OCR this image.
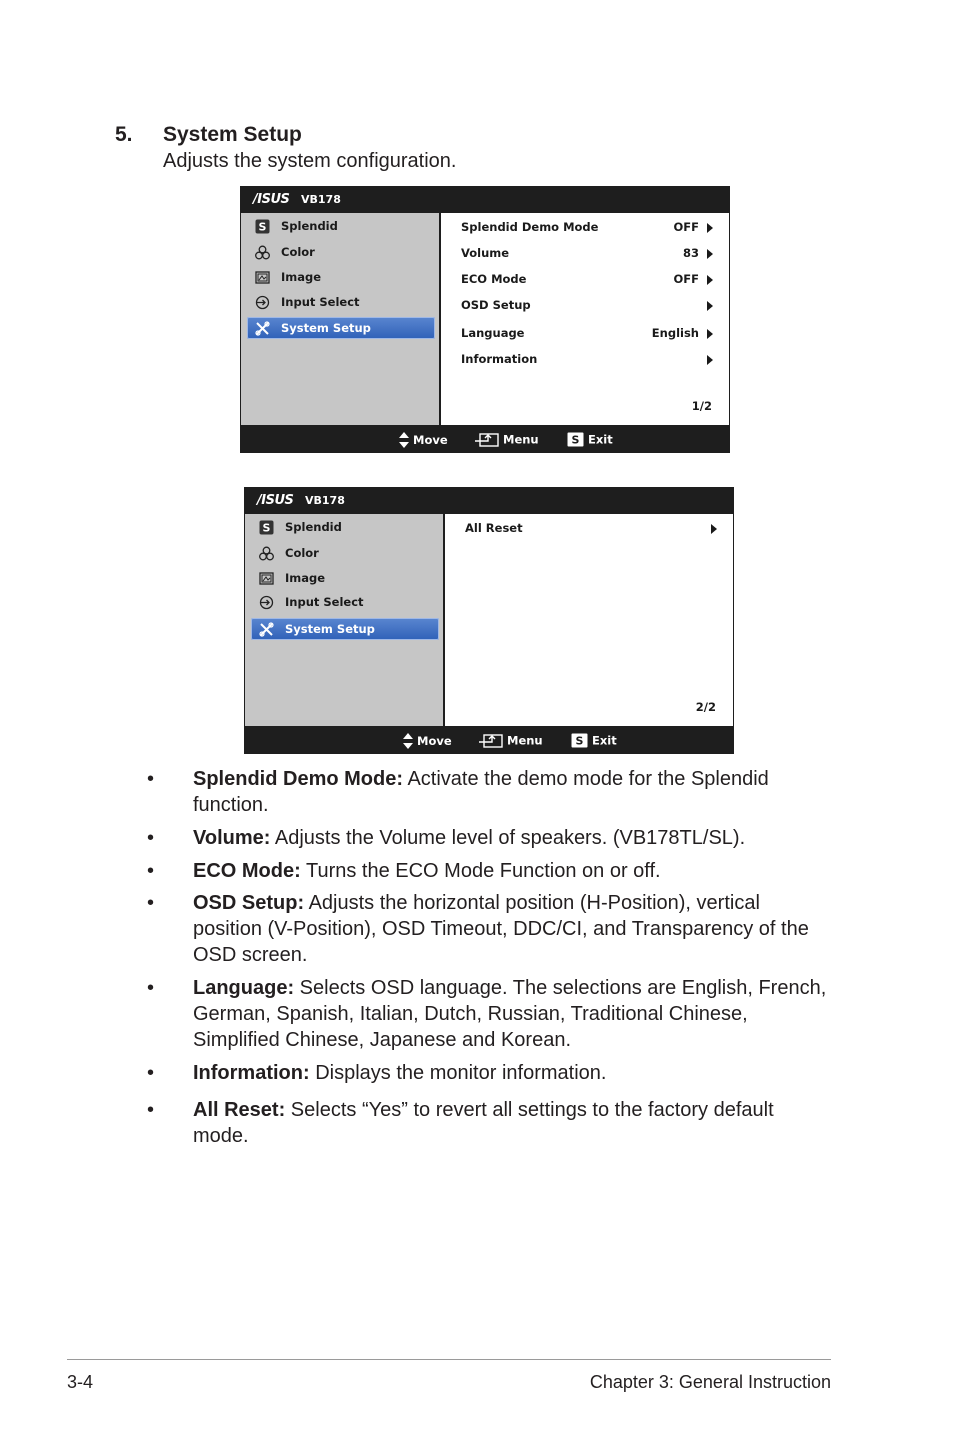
5. System Setup
Adjusts the system configuration.
/ISUS VB178
S Splendid
Color
Image
Input Select
System Setup
Splendid Demo Mode	OFF
Volume	83
ECO Mode	OFF
OSD Setup
Language	English
Information
1/2
Move	Menu	S Exit
/ISUS VB178
S Splendid
Color
Image
Input Select
System Setup
All Reset
2/2
Move	Menu	S Exit
• Splendid Demo Mode: Activate the demo mode for the Splendid function.
• Volume: Adjusts the Volume level of speakers. (VB178TL/SL).
• ECO Mode: Turns the ECO Mode Function on or off.
• OSD Setup: Adjusts the horizontal position (H-Position), vertical position (V-Position), OSD Timeout, DDC/CI, and Transparency of the OSD screen.
• Language: Selects OSD language. The selections are English, French, German, Spanish, Italian, Dutch, Russian, Traditional Chinese, Simplified Chinese, Japanese and Korean.
• Information: Displays the monitor information.
• All Reset: Selects “Yes” to revert all settings to the factory default mode.
3-4	Chapter 3: General Instruction
